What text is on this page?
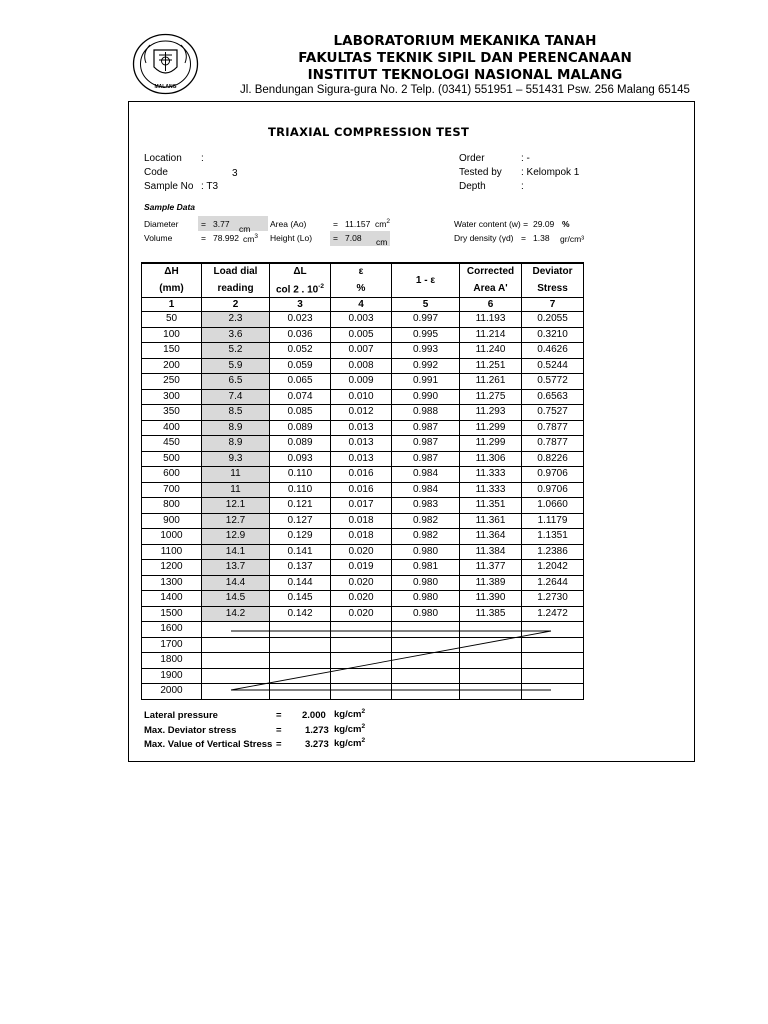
MALANG
LABORATORIUM MEKANIKA TANAH
FAKULTAS TEKNIK SIPIL DAN PERENCANAAN
INSTITUT TEKNOLOGI NASIONAL MALANG
Jl. Bendungan Sigura-gura No. 2 Telp. (0341) 551951 – 551431 Psw. 256 Malang 65145
TRIAXIAL COMPRESSION TEST
Location :
Code	3
Sample No : T3
Order	: -
Tested by : Kelompok 1
Depth	:
Sample Data
Diameter	= 3.77 cm
Volume	= 78.992 $cm^3$
Area (Ao)	= 11.157 $cm^2$
Height (Lo) = 7.08 cm
Water content (w) = 29.09 %
Dry density (γd) = 1.38 gr/cm³
ΔH	Load dial	ΔL	ε	1 - ε	Corrected	Deviator
(mm)	reading	col 2 . $10^{-2}$	%		Area A'	Stress
1	2	3	4	5	6	7
50	2.3	0.023	0.003	0.997	11.193	0.2055
100	3.6	0.036	0.005	0.995	11.214	0.3210
150	5.2	0.052	0.007	0.993	11.240	0.4626
200	5.9	0.059	0.008	0.992	11.251	0.5244
250	6.5	0.065	0.009	0.991	11.261	0.5772
300	7.4	0.074	0.010	0.990	11.275	0.6563
350	8.5	0.085	0.012	0.988	11.293	0.7527
400	8.9	0.089	0.013	0.987	11.299	0.7877
450	8.9	0.089	0.013	0.987	11.299	0.7877
500	9.3	0.093	0.013	0.987	11.306	0.8226
600	11	0.110	0.016	0.984	11.333	0.9706
700	11	0.110	0.016	0.984	11.333	0.9706
800	12.1	0.121	0.017	0.983	11.351	1.0660
900	12.7	0.127	0.018	0.982	11.361	1.1179
1000	12.9	0.129	0.018	0.982	11.364	1.1351
1100	14.1	0.141	0.020	0.980	11.384	1.2386
1200	13.7	0.137	0.019	0.981	11.377	1.2042
1300	14.4	0.144	0.020	0.980	11.389	1.2644
1400	14.5	0.145	0.020	0.980	11.390	1.2730
1500	14.2	0.142	0.020	0.980	11.385	1.2472
1600						
1700						
1800						
1900						
2000						
Lateral pressure	= 2.000 $kg/cm^2$
Max. Deviator stress	= 1.273 $kg/cm^2$
Max. Value of Vertical Stress = 3.273 $kg/cm^2$
